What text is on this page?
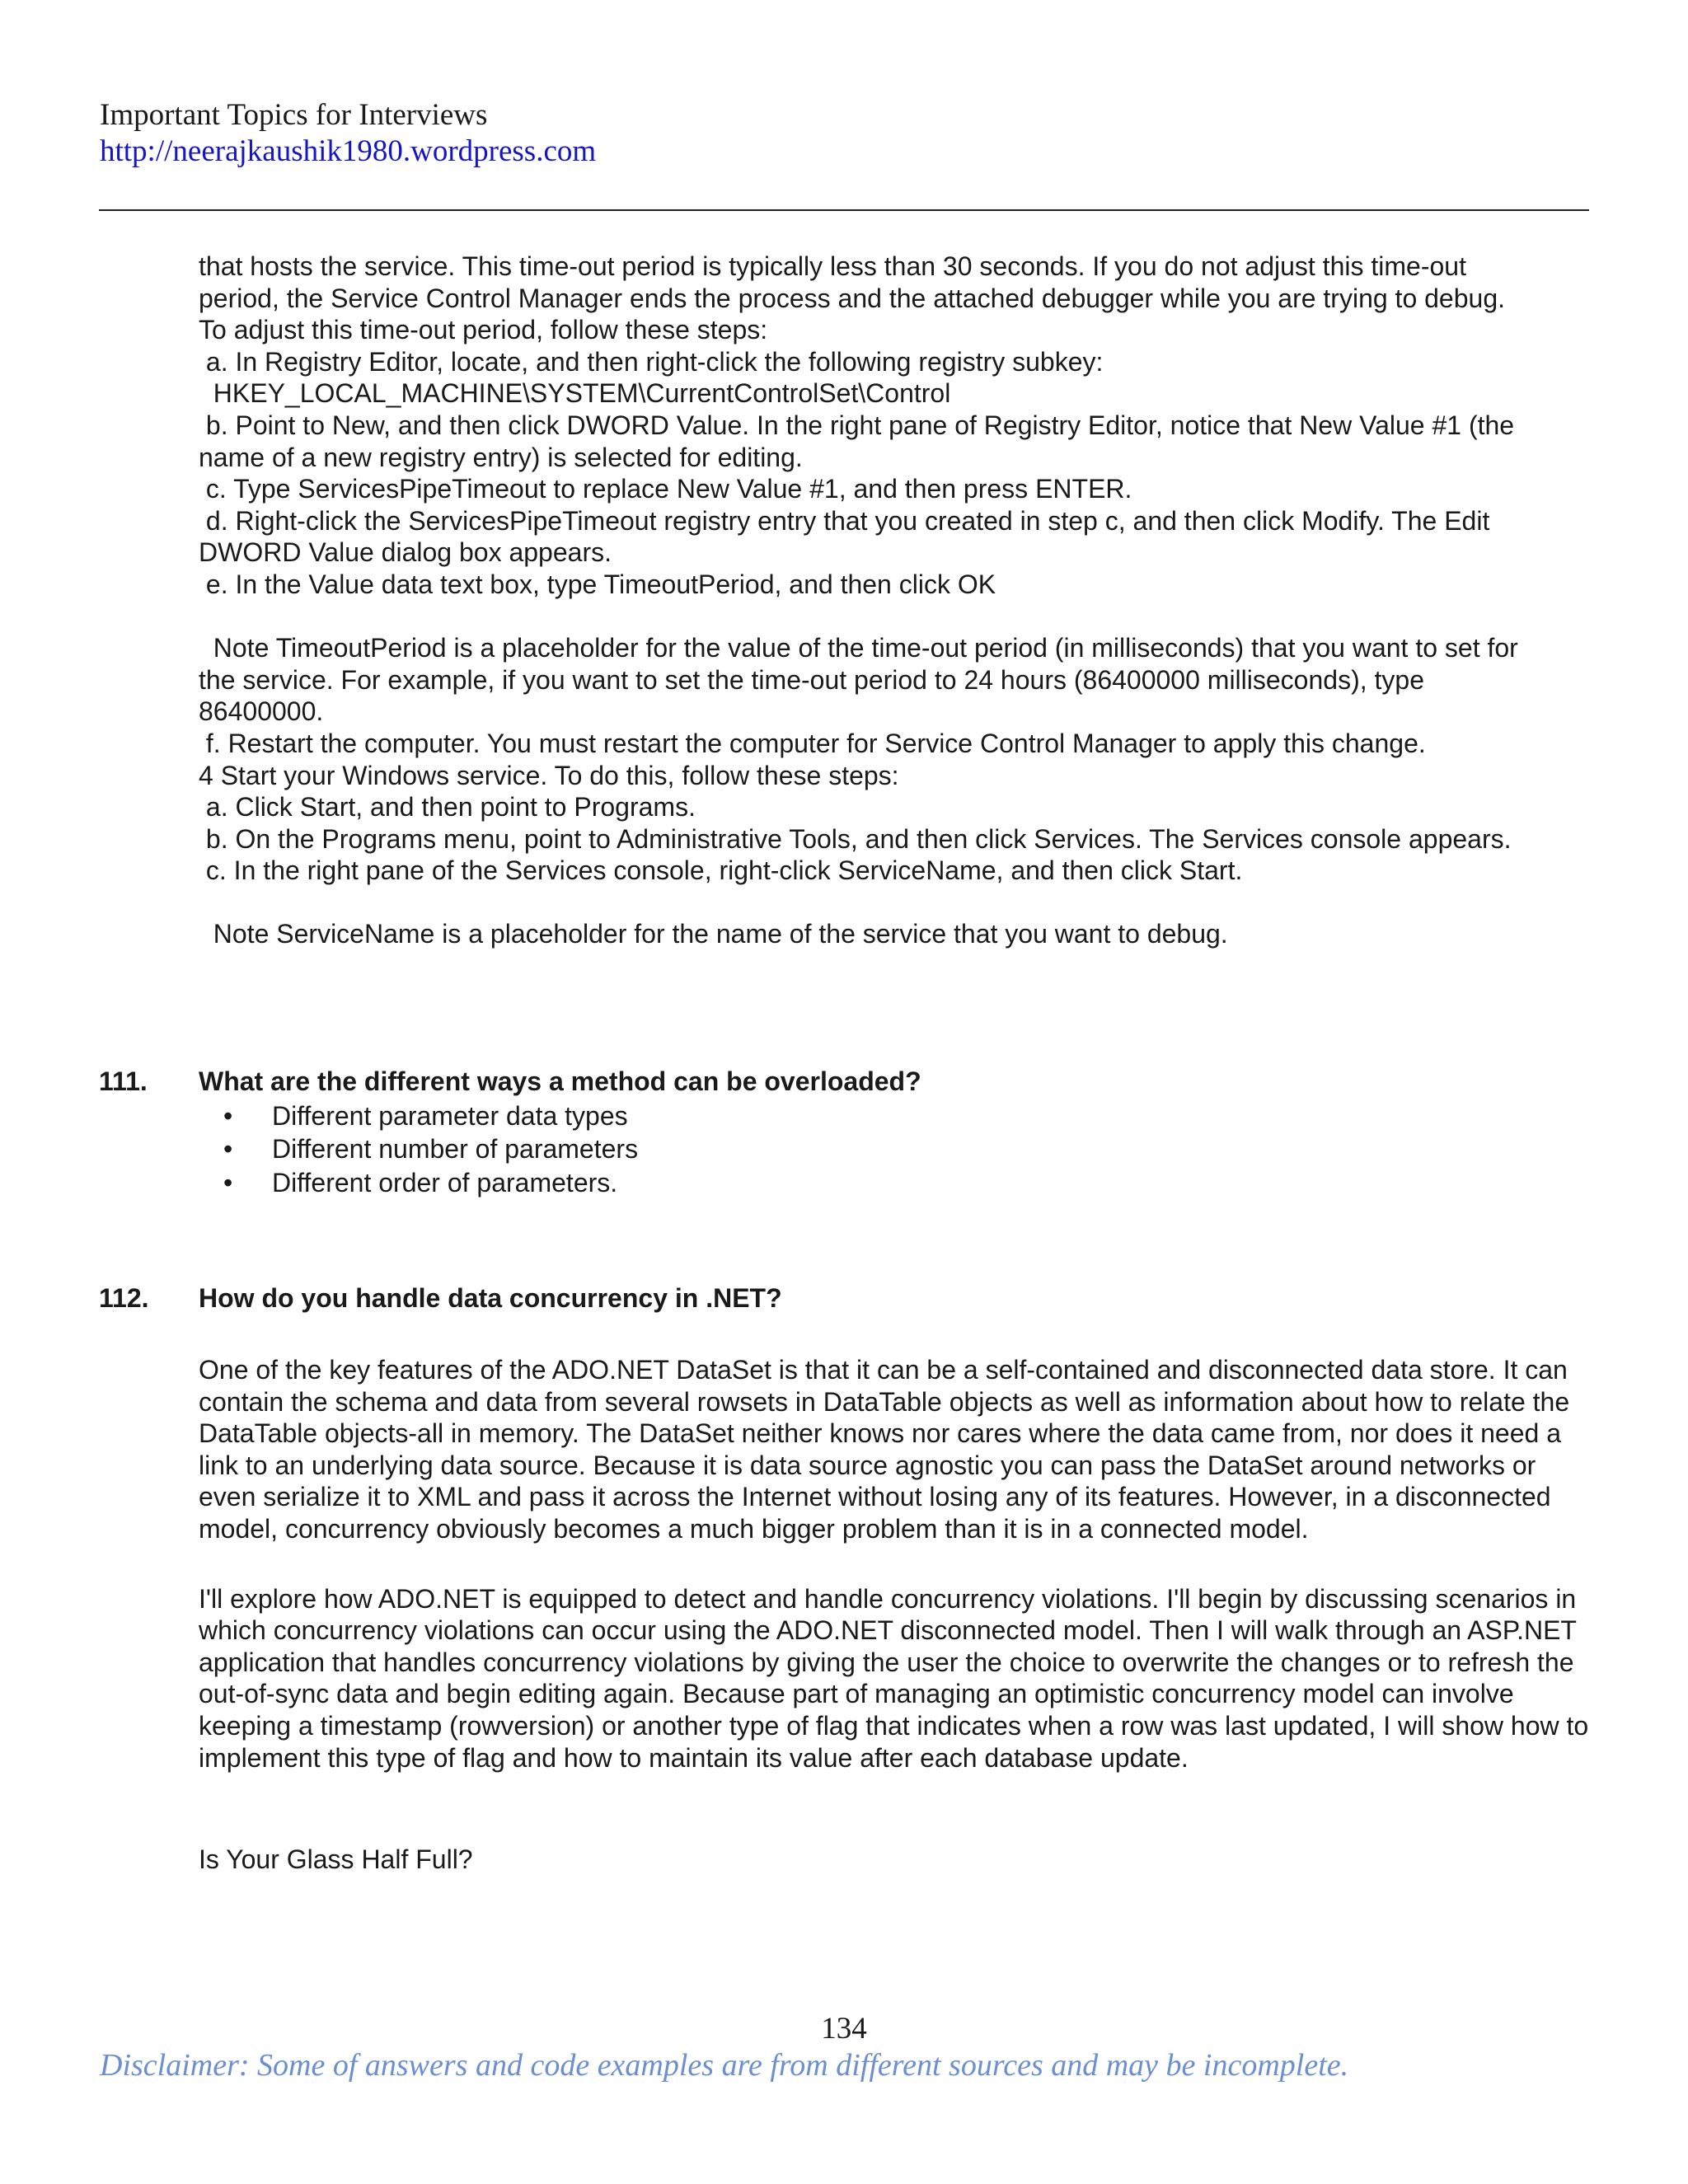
Important Topics for Interviews
http://neerajkaushik1980.wordpress.com
that hosts the service. This time-out period is typically less than 30 seconds. If you do not adjust this time-out
period, the Service Control Manager ends the process and the attached debugger while you are trying to debug.
To adjust this time-out period, follow these steps:
a. In Registry Editor, locate, and then right-click the following registry subkey:
HKEY_LOCAL_MACHINE\SYSTEM\CurrentControlSet\Control
b. Point to New, and then click DWORD Value. In the right pane of Registry Editor, notice that New Value #1 (the
name of a new registry entry) is selected for editing.
c. Type ServicesPipeTimeout to replace New Value #1, and then press ENTER.
d. Right-click the ServicesPipeTimeout registry entry that you created in step c, and then click Modify. The Edit
DWORD Value dialog box appears.
e. In the Value data text box, type TimeoutPeriod, and then click OK

Note TimeoutPeriod is a placeholder for the value of the time-out period (in milliseconds) that you want to set for
the service. For example, if you want to set the time-out period to 24 hours (86400000 milliseconds), type
86400000.
f. Restart the computer. You must restart the computer for Service Control Manager to apply this change.
4 Start your Windows service. To do this, follow these steps:
a. Click Start, and then point to Programs.
b. On the Programs menu, point to Administrative Tools, and then click Services. The Services console appears.
c. In the right pane of the Services console, right-click ServiceName, and then click Start.

Note ServiceName is a placeholder for the name of the service that you want to debug.
111.	What are the different ways a method can be overloaded?
• Different parameter data types
• Different number of parameters
• Different order of parameters.
112.	How do you handle data concurrency in .NET?
One of the key features of the ADO.NET DataSet is that it can be a self-contained and disconnected data store. It can contain the schema and data from several rowsets in DataTable objects as well as information about how to relate the DataTable objects-all in memory. The DataSet neither knows nor cares where the data came from, nor does it need a link to an underlying data source. Because it is data source agnostic you can pass the DataSet around networks or even serialize it to XML and pass it across the Internet without losing any of its features. However, in a disconnected model, concurrency obviously becomes a much bigger problem than it is in a connected model.
I'll explore how ADO.NET is equipped to detect and handle concurrency violations. I'll begin by discussing scenarios in which concurrency violations can occur using the ADO.NET disconnected model. Then I will walk through an ASP.NET application that handles concurrency violations by giving the user the choice to overwrite the changes or to refresh the out-of-sync data and begin editing again. Because part of managing an optimistic concurrency model can involve keeping a timestamp (rowversion) or another type of flag that indicates when a row was last updated, I will show how to implement this type of flag and how to maintain its value after each database update.
Is Your Glass Half Full?
134
Disclaimer: Some of answers and code examples are from different sources and may be incomplete.
